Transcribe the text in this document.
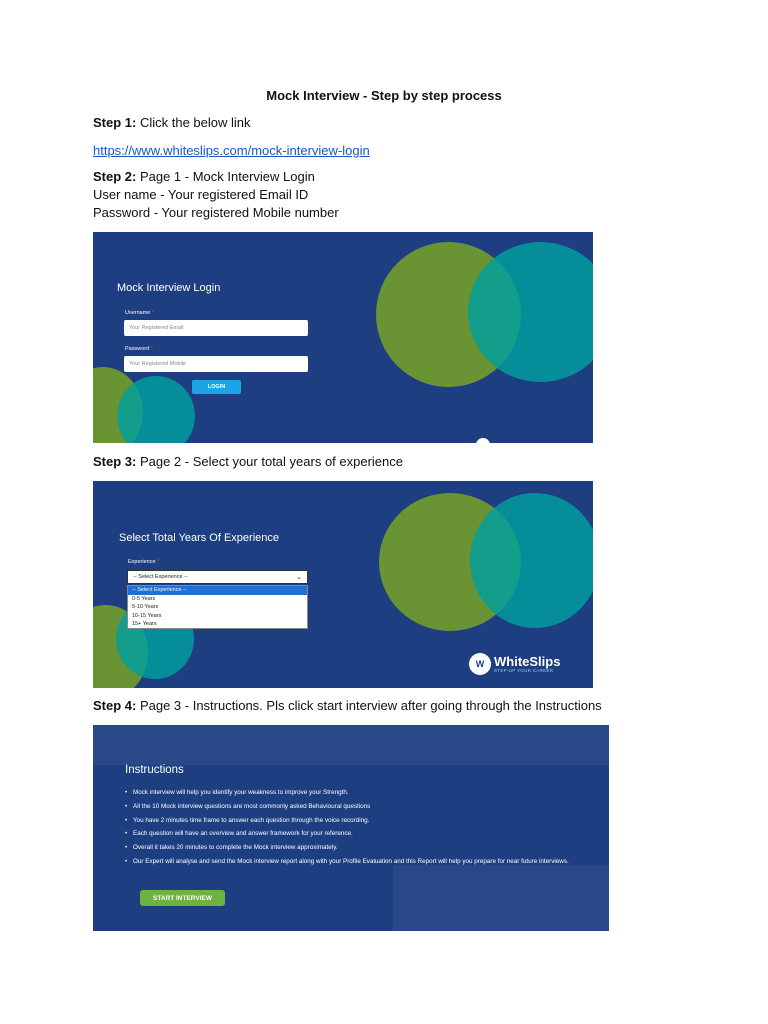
Mock Interview - Step by step process
Step 1: Click the below link
https://www.whiteslips.com/mock-interview-login
Step 2: Page 1 - Mock Interview Login
User name - Your registered Email ID
Password - Your registered Mobile number
Mock Interview Login
Username *
Your Registered Email
Password *
Your Registered Mobile
LOGIN
Step 3: Page 2 - Select your total years of experience
Select Total Years Of Experience
Experience *
-- Select Experience --	⌄
-- Select Experience --
0-5 Years
5-10 Years
10-15 Years
15+ Years
W WhiteSlips
STEP-UP YOUR CAREER
Step 4: Page 3 - Instructions. Pls click start interview after going through the Instructions
Instructions
• Mock interview will help you identify your weakness to improve your Strength.
• All the 10 Mock interview questions are most commonly asked Behavioural questions
• You have 2 minutes time frame to answer each question through the voice recording.
• Each question will have an overview and answer framework for your reference.
• Overall it takes 20 minutes to complete the Mock interview approximately.
• Our Expert will analyse and send the Mock interview report along with your Profile Evaluation and this Report will help you prepare for near future interviews.
START INTERVIEW
